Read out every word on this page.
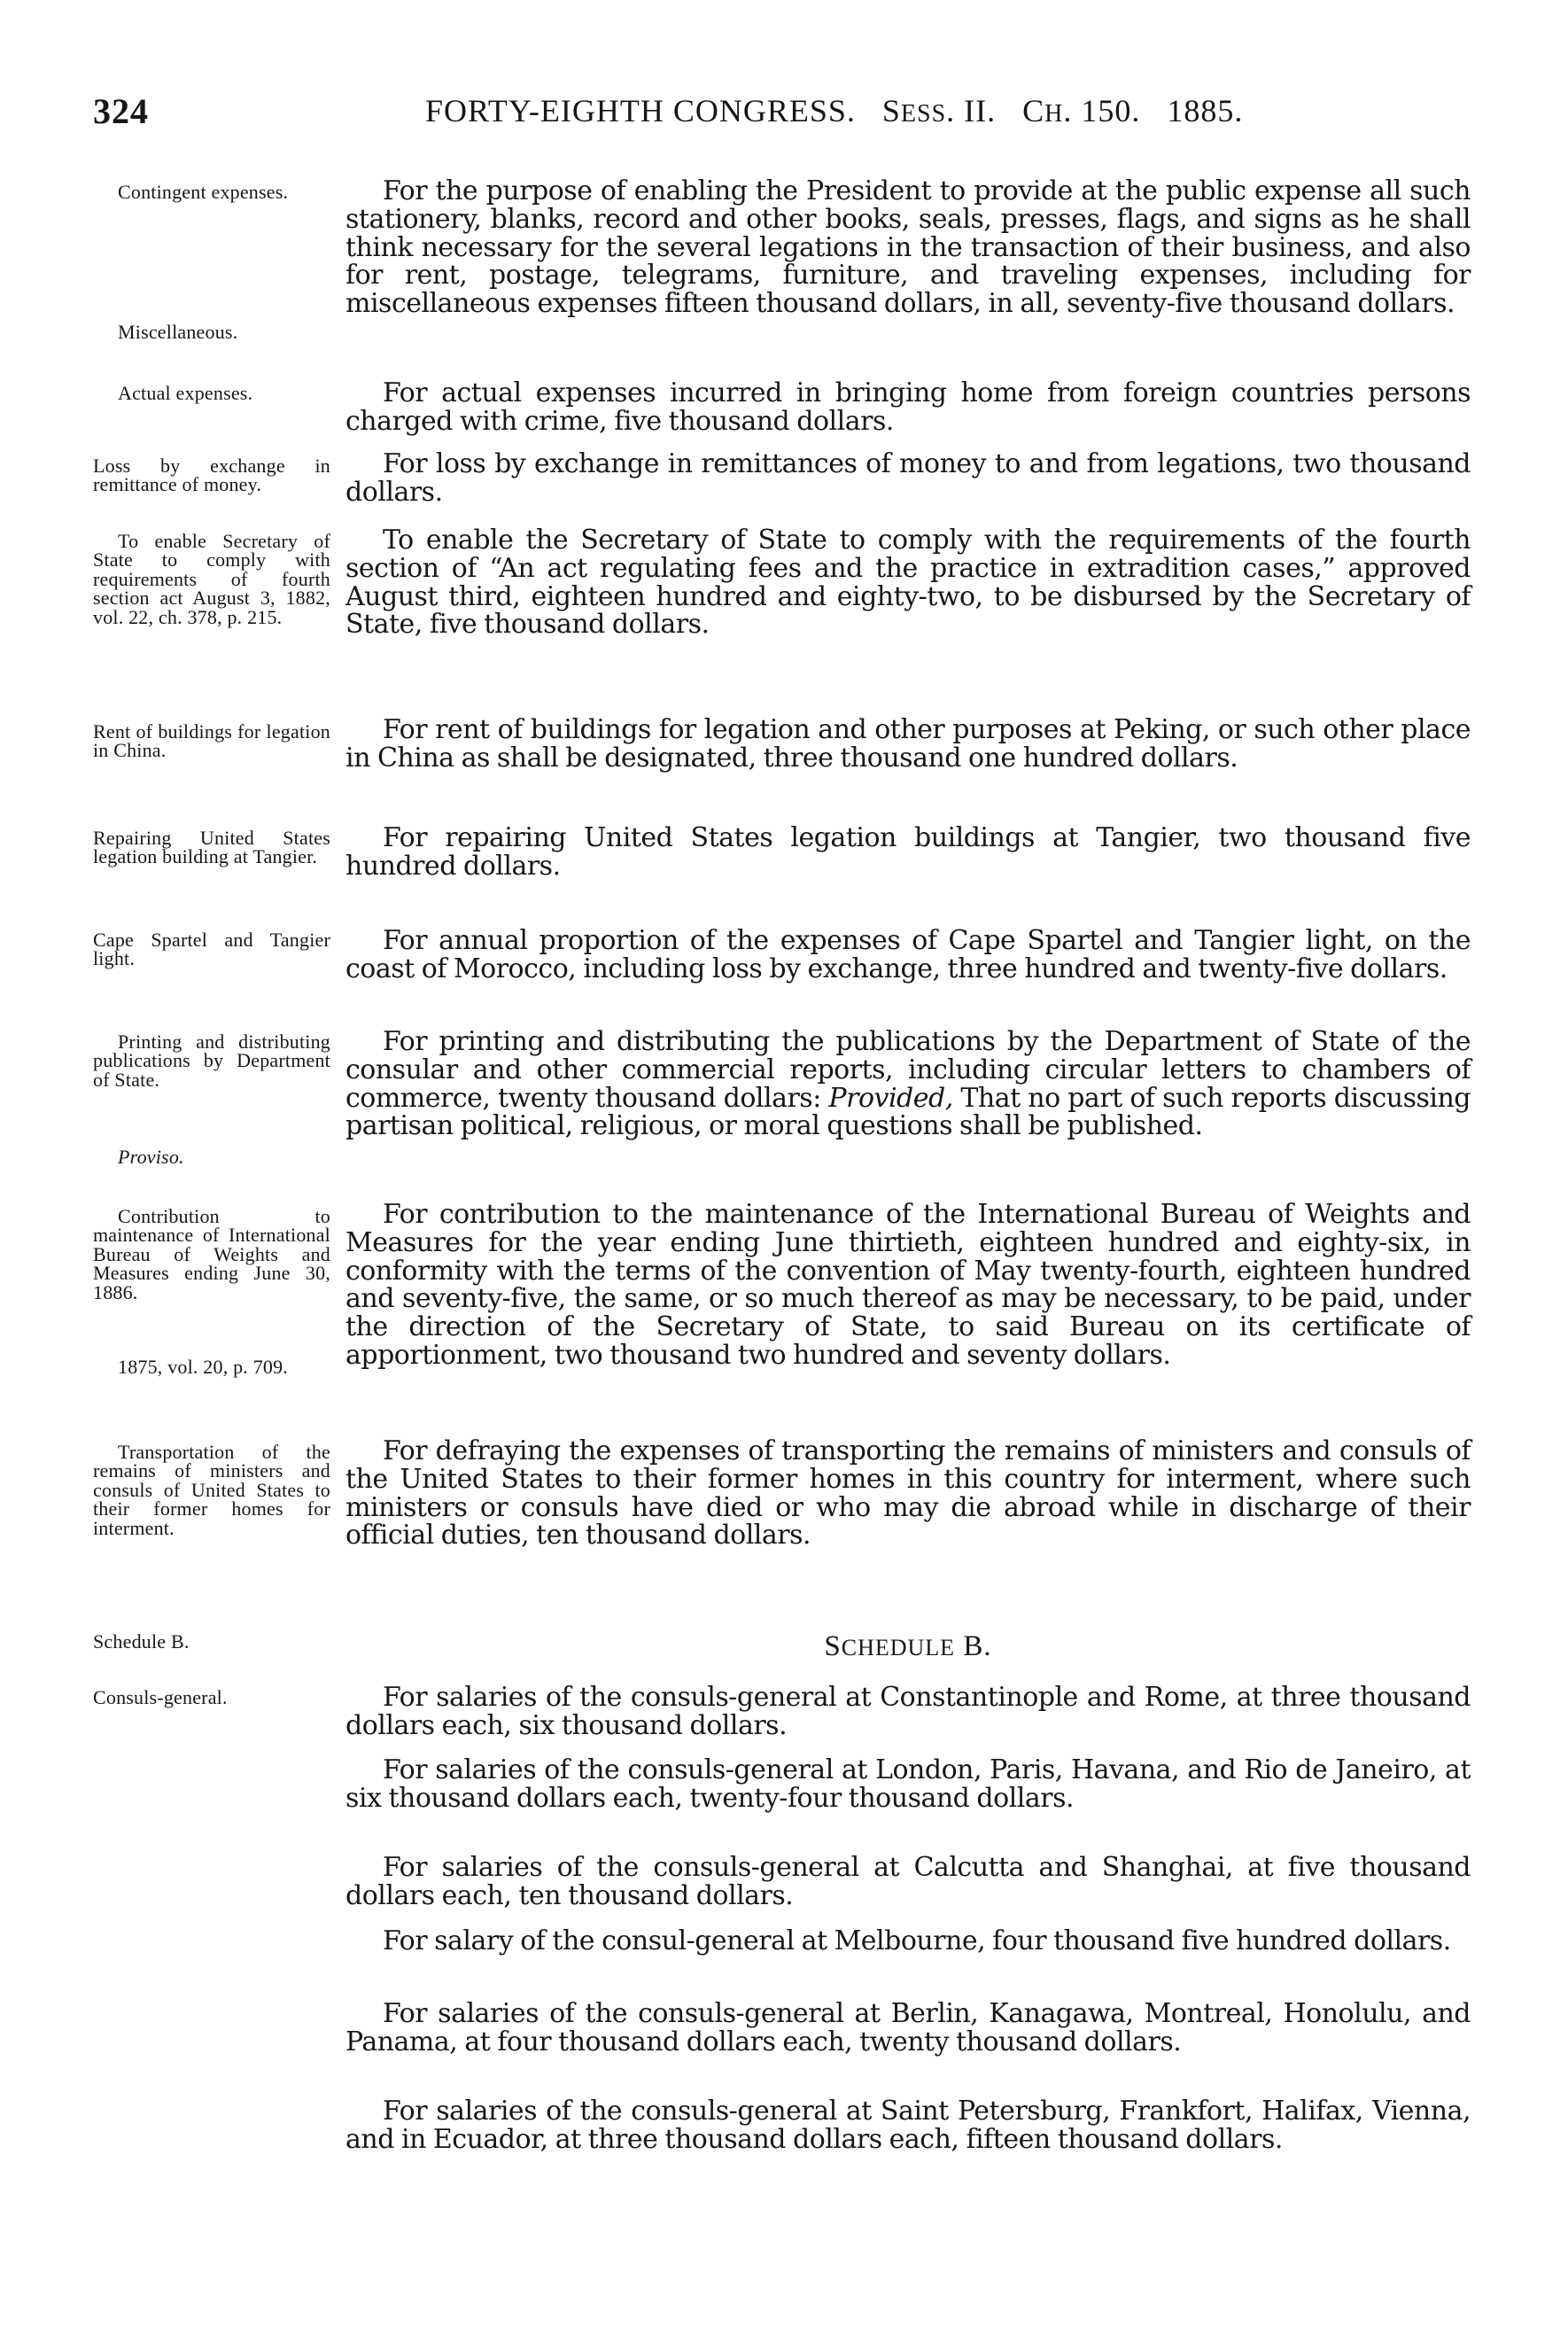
324	FORTY-EIGHTH CONGRESS. SESS. II. CH. 150. 1885.
Contingent expenses.
Miscellaneous.
Actual expenses.
Loss by exchange in remittance of money.
To enable Secretary of State to comply with requirements of fourth section act August 3, 1882, vol. 22, ch. 378, p. 215.
Rent of buildings for legation in China.
Repairing United States legation building at Tangier.
Cape Spartel and Tangier light.
Printing and distributing publications by Department of State.
Proviso.
Contribution to maintenance of International Bureau of Weights and Measures ending June 30, 1886.
1875, vol. 20, p. 709.
Transportation of the remains of ministers and consuls of United States to their former homes for interment.
Schedule B.
Consuls-general.
For the purpose of enabling the President to provide at the public expense all such stationery, blanks, record and other books, seals, presses, flags, and signs as he shall think necessary for the several legations in the transaction of their business, and also for rent, postage, telegrams, furniture, and traveling expenses, including for miscellaneous expenses fifteen thousand dollars, in all, seventy-five thousand dollars.
For actual expenses incurred in bringing home from foreign countries persons charged with crime, five thousand dollars.
For loss by exchange in remittances of money to and from legations, two thousand dollars.
To enable the Secretary of State to comply with the requirements of the fourth section of “An act regulating fees and the practice in extradition cases,” approved August third, eighteen hundred and eighty-two, to be disbursed by the Secretary of State, five thousand dollars.
For rent of buildings for legation and other purposes at Peking, or such other place in China as shall be designated, three thousand one hundred dollars.
For repairing United States legation buildings at Tangier, two thousand five hundred dollars.
For annual proportion of the expenses of Cape Spartel and Tangier light, on the coast of Morocco, including loss by exchange, three hundred and twenty-five dollars.
For printing and distributing the publications by the Department of State of the consular and other commercial reports, including circular letters to chambers of commerce, twenty thousand dollars: Provided, That no part of such reports discussing partisan political, religious, or moral questions shall be published.
For contribution to the maintenance of the International Bureau of Weights and Measures for the year ending June thirtieth, eighteen hundred and eighty-six, in conformity with the terms of the convention of May twenty-fourth, eighteen hundred and seventy-five, the same, or so much thereof as may be necessary, to be paid, under the direction of the Secretary of State, to said Bureau on its certificate of apportionment, two thousand two hundred and seventy dollars.
For defraying the expenses of transporting the remains of ministers and consuls of the United States to their former homes in this country for interment, where such ministers or consuls have died or who may die abroad while in discharge of their official duties, ten thousand dollars.
SCHEDULE B.
For salaries of the consuls-general at Constantinople and Rome, at three thousand dollars each, six thousand dollars.
For salaries of the consuls-general at London, Paris, Havana, and Rio de Janeiro, at six thousand dollars each, twenty-four thousand dollars.
For salaries of the consuls-general at Calcutta and Shanghai, at five thousand dollars each, ten thousand dollars.
For salary of the consul-general at Melbourne, four thousand five hundred dollars.
For salaries of the consuls-general at Berlin, Kanagawa, Montreal, Honolulu, and Panama, at four thousand dollars each, twenty thousand dollars.
For salaries of the consuls-general at Saint Petersburg, Frankfort, Halifax, Vienna, and in Ecuador, at three thousand dollars each, fifteen thousand dollars.
